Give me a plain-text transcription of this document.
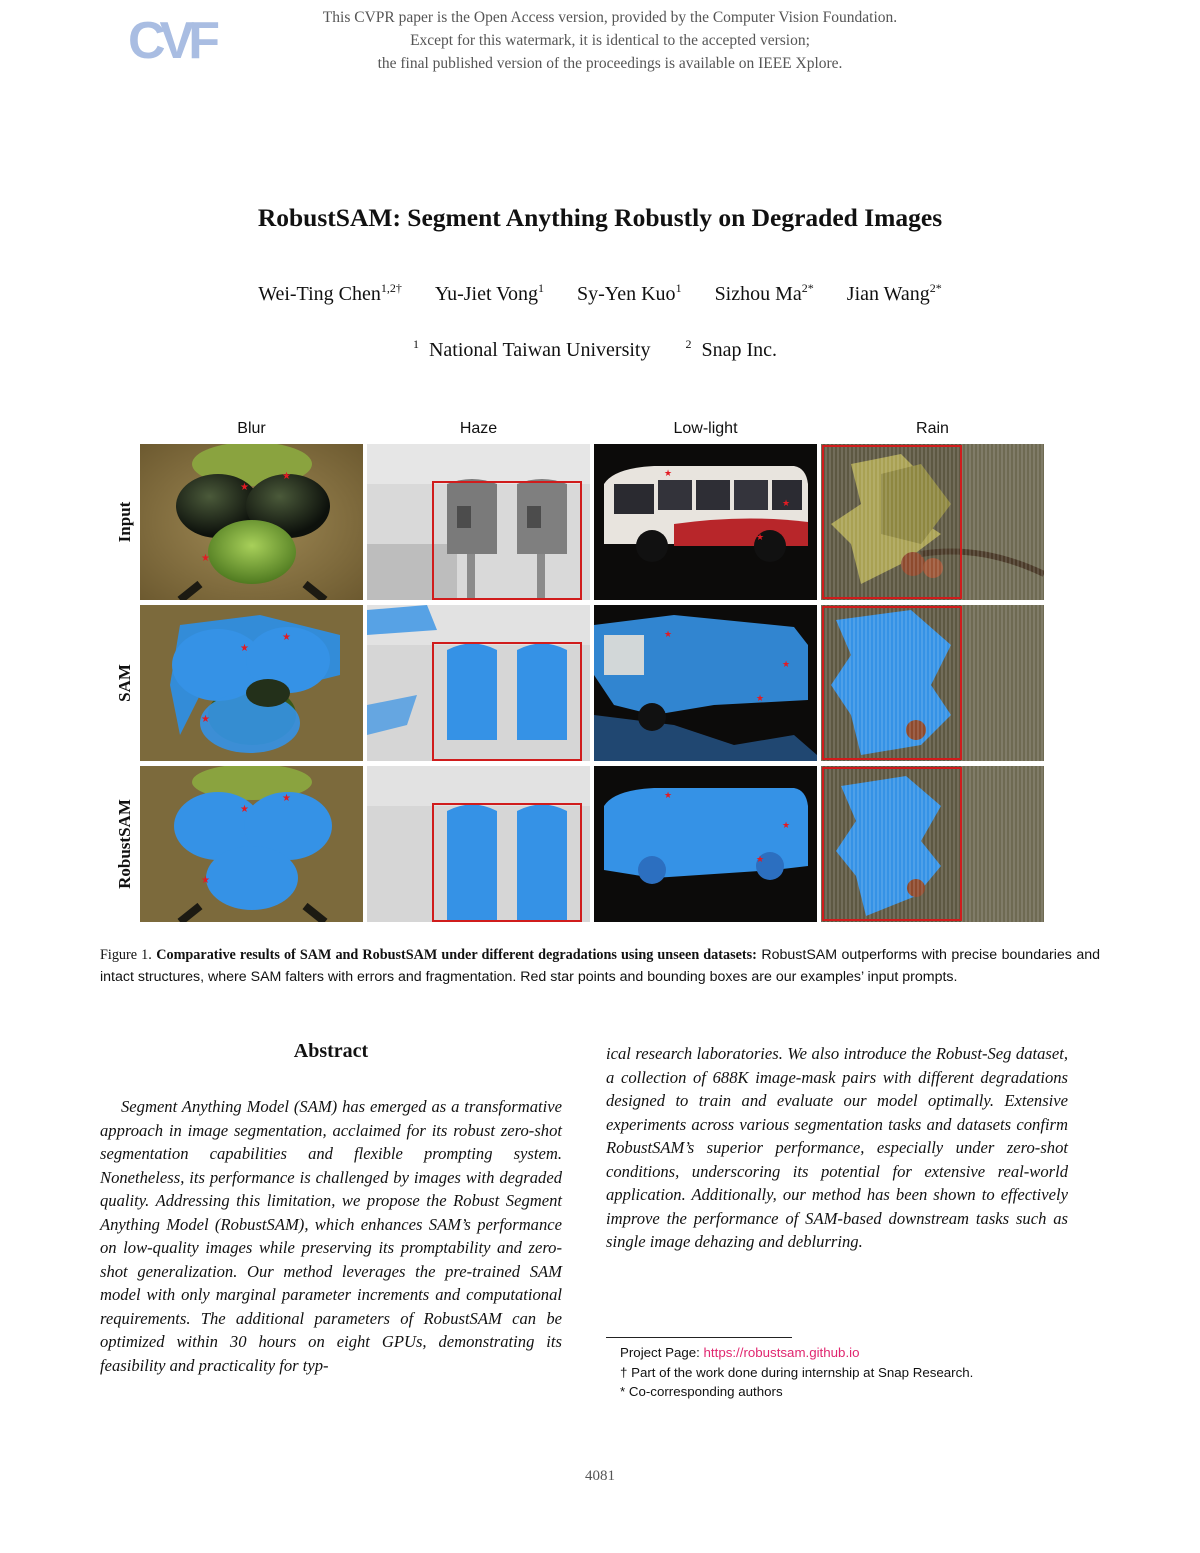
CVF	This CVPR paper is the Open Access version, provided by the Computer Vision Foundation.
Except for this watermark, it is identical to the accepted version;
the final published version of the proceedings is available on IEEE Xplore.
RobustSAM: Segment Anything Robustly on Degraded Images
Wei-Ting Chen$^{1,2\dagger}$ Yu-Jiet Vong$^1$ Sy-Yen Kuo$^1$ Sizhou $Ma^{2*}$ Jian Wang$^{2*}$
$^1$ National Taiwan University	$^2$ Snap Inc.
Blur	Haze	Low-light	Rain
Input
SAM
RobustSAM
★
★
★
★
★
★
★
★
★
★
★
★
★
★
★
★
★
★
Figure 1. Comparative results of SAM and RobustSAM under different degradations using unseen datasets: RobustSAM outperforms with precise boundaries and intact structures, where SAM falters with errors and fragmentation. Red star points and bounding boxes are our examples’ input prompts.
Abstract
Segment Anything Model (SAM) has emerged as a transformative approach in image segmentation, acclaimed for its robust zero-shot segmentation capabilities and flexible prompting system. Nonetheless, its performance is challenged by images with degraded quality. Addressing this limitation, we propose the Robust Segment Anything Model (RobustSAM), which enhances SAM’s performance on low-quality images while preserving its promptability and zero-shot generalization. Our method leverages the pre-trained SAM model with only marginal parameter increments and computational requirements. The additional parameters of RobustSAM can be optimized within 30 hours on eight GPUs, demonstrating its feasibility and practicality for typ-
ical research laboratories. We also introduce the Robust-Seg dataset, a collection of 688K image-mask pairs with different degradations designed to train and evaluate our model optimally. Extensive experiments across various segmentation tasks and datasets confirm RobustSAM’s superior performance, especially under zero-shot conditions, underscoring its potential for extensive real-world application. Additionally, our method has been shown to effectively improve the performance of SAM-based downstream tasks such as single image dehazing and deblurring.
Project Page: https://robustsam.github.io
† Part of the work done during internship at Snap Research.
* Co-corresponding authors
4081
